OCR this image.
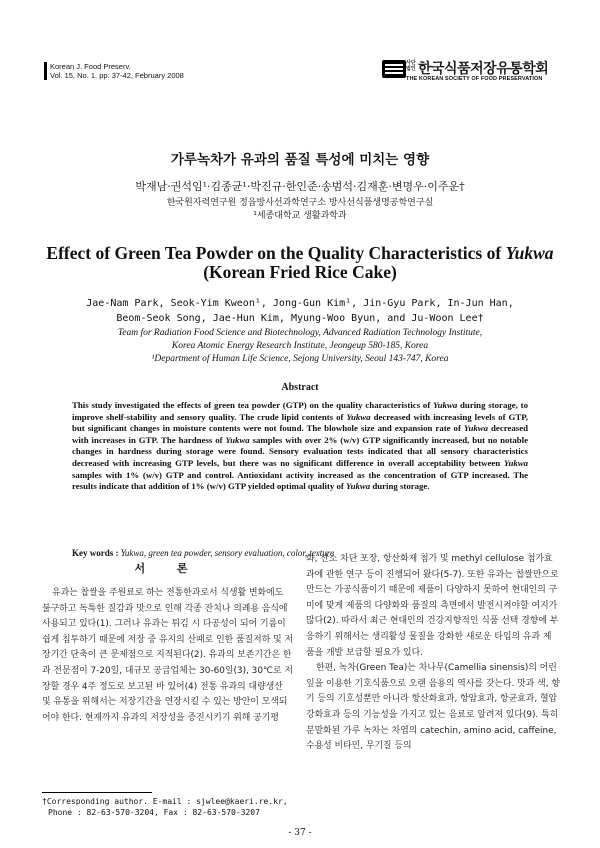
Korean J. Food Preserv.
Vol. 15, No. 1. pp. 37-42, February 2008
사단법인 한국식품저장유통학회
THE KOREAN SOCIETY OF FOOD PRESERVATION
가루녹차가 유과의 품질 특성에 미치는 영향
박재남·권석임¹·김종균¹·박진규·한인준·송범석·김재훈·변명우·이주운†
한국원자력연구원 정읍방사선과학연구소 방사선식품생명공학연구실
¹세종대학교 생활과학과
Effect of Green Tea Powder on the Quality Characteristics of Yukwa
(Korean Fried Rice Cake)
Jae-Nam Park, Seok-Yim Kweon¹, Jong-Gun Kim¹, Jin-Gyu Park, In-Jun Han,
Beom-Seok Song, Jae-Hun Kim, Myung-Woo Byun, and Ju-Woon Lee†
Team for Radiation Food Science and Biotechnology, Advanced Radiation Technology Institute,
Korea Atomic Energy Research Institute, Jeongeup 580-185, Korea
¹Department of Human Life Science, Sejong University, Seoul 143-747, Korea
Abstract

This study investigated the effects of green tea powder (GTP) on the quality characteristics of Yukwa during storage, to improve shelf-stability and sensory quality. The crude lipid contents of Yukwa decreased with increasing levels of GTP, but significant changes in moisture contents were not found. The blowhole size and expansion rate of Yukwa decreased with increases in GTP. The hardness of Yukwa samples with over 2% (w/v) GTP significantly increased, but no notable changes in hardness during storage were found. Sensory evaluation tests indicated that all sensory characteristics decreased with increasing GTP levels, but there was no significant difference in overall acceptability between Yukwa samples with 1% (w/v) GTP and control. Antioxidant activity increased as the concentration of GTP increased. The results indicate that addition of 1% (w/v) GTP yielded optimal quality of Yukwa during storage.

Key words : Yukwa, green tea powder, sensory evaluation, color, texture
서 론

유과는 찹쌀을 주원료로 하는 전통한과로서 식생활 변화에도 불구하고 독특한 질감과 맛으로 인해 각종 잔치나 의례용 음식에 사용되고 있다(1). 그러나 유과는 튀김 시 다공성이 되어 기름이 쉽게 침투하기 때문에 저장 중 유지의 산패로 인한 품질저하 및 저장기간 단축이 큰 문제점으로 지적된다(2). 유과의 보존기간은 한과 전문점이 7-20일, 대규모 공급업체는 30-60일(3), 30℃로 저장할 경우 4주 정도로 보고된 바 있어(4) 전통 유과의 대량생산 및 유통을 위해서는 저장기간을 연장시킬 수 있는 방안이 모색되어야 한다. 현재까지 유과의 저장성을 증진시키기 위해 공기평

화, 산소 차단 포장, 항산화제 첨가 및 methyl cellulose 첨가효과에 관한 연구 등이 진행되어 왔다(5-7). 또한 유과는 찹쌀만으로 만드는 가공식품이기 때문에 제품이 다양하지 못하여 현대인의 구미에 맞게 제품의 다양화와 품질의 측면에서 발전시켜야할 여지가 많다(2). 따라서 최근 현대인의 건강지향적인 식품 선택 경향에 부응하기 위해서는 생리활성 물질을 강화한 새로운 타입의 유과 제품을 개발 보급할 필요가 있다.

한편, 녹차(Green Tea)는 차나무(Camellia sinensis)의 어린잎을 이용한 기호식품으로 오랜 음용의 역사를 갖는다. 맛과 색, 향기 등의 기호성뿐만 아니라 항산화효과, 항암효과, 항균효과, 혈압강화효과 등의 기능성을 가지고 있는 음료로 알려져 있다(9). 특히 분말화된 가루 녹차는 차엽의 catechin, amino acid, caffeine, 수용성 비타민, 무기질 등의

†Corresponding author. E-mail : sjwlee@kaeri.re.kr,
Phone : 82-63-570-3204, Fax : 82-63-570-3207
- 37 -
